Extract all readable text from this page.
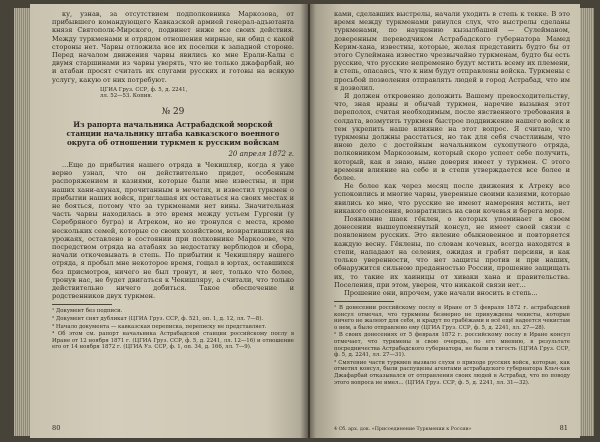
ку, узнав, за отсутствием подполковника Маркозова, от прибывшего командующего Кавказской армией генерал-адъютанта князя Святополк-Мирского, подвинет ниже все своих действия. Между туркменами и отрядом отношения мирные, ни обид с какой стороны нет. Чарвы отложила все их поселки к западной стороне. Перед началом движения чарвы явились ко мне Ерали-Калы с двумя старшинами из чарвы уверять, что не только джафарбай, но и атабаи просят считать их слугами русских и готовы на всякую услугу, какую от них потребуют.

ЦГИА Груз. ССР, ф. 5, д. 2241,

лл. 52—53. Копия.

№ 29
Из рапорта начальника Астрабадской морской станции начальнику штаба кавказского военного округа об отношении туркмен к русским войскам
20 апреля 1872 г.

...Еще до прибытия нашего отряда в Чекишляр, когда я уже верно узнал, что он действительно придет, особенным распоряжением и казиями, которые были мне известны, и при наших хани-ахунах, прочитанным в мечетях, и известил туркмен о прибытии наших войск, приглашая их оставаться на своих местах и не бояться, потому что за туркменами нет вины. Значительная часть чарвы находилась в это время между устьем Гургени (у Серебряного бугра) и Атреком, но не тронулся с места, кроме нескольких семей, которые со своих хозяйством, возвратившихся на урожаях, оставлено в состоянии при полковнике Маркозове, что посредством отряда на атабаях за недостатку верблюдов и сбора, начали откочевывать в степь. По прибытии к Чекишляру нашего отряда, я пробыл мне некоторое время, гощал в юртах, оставшихся без присмотров, ничего не был тронут, и нет, только что более, тронув нас, не будет двигаться к Чекишляру, а считали, что только действительно ничего добиться. Такое обеспечение и родственников двух туркмен.

¹ Документ без подписи.

² Документ снят дубликат (ЦГИА Груз. ССР, ф. 521, оп. 1, д. 12, лл. 7—8).

³ Начало документа — кавказская переписка, переписку не представляет.

⁴ Об этом см. рапорт начальника Астрабадской станции российскому послу в Иране от 12 ноября 1871 г. (ЦГИА Груз. ССР, ф. 5, д. 2241, лл. 12—16) и отношение его от 14 ноября 1872 г. (ЦГИА Уз. ССР, ф. 1, оп. 34, д. 166, лл. 7—9).

80

ками, сделавших выстрелы, начали уходить в степь к текке. В это время между туркменами ринулся слух, что выстрелы сделаны туркменами, по наущению кызылбашей — Сулейманом, доверенным переводчиком Астрабадского губернатора Мамед Керим-хана, известны, которые, желая представить будто бы от этого Сулеймана известно чрезвычайно туркменам, будто бы есть русские, что русские непременно будут мстить всему их племени, в степь, опасаясь, что к ним будут отправлены войска. Туркмены с просьбой позволения отправлять людей в город Астрабад, что им я дозволил.

Я должен откровенно доложить Вашему превосходительству, что, зная нравы и обычай туркмен, наречие вызывая этот переполох, считая необходимым, после явственного требования в солдата, возмутить туркмен быстрое поддвижение нашего войск и тем укрепить наше влияние на этот вопрос. Я считаю, что туркмены должны расстаться, но так для себя счастливым, что иною дело с достойным начальником сухопутного отряда, полковником Маркозовым, который скоро успеет себе получить, который, как я знаю, ныне доверия имеет у туркмен. С этого времени влияние на себе и в степи утверждается все более и более.

Не более как через месяц после движения к Атреку все успокоились и многие чарвы, уверенные своими казиями, которые явились ко мне, что русские не имеют намерения мстить, нет никакого опасения, возвратились на свои кочевья и берега моря.

Появление шаек гёклен, о которых упоминает в своем донесении вышеупомянутый консул, не имеет своей связи с появлением русских. Это явление обыкновенное и повторяется каждую весну. Гёклены, по словам кочевых, всегда находятся в степи, нападают на селения, ожидая и грабят персиян, и как только уверенности, что нет защиты против и при наших, обнаружится сильною преданностью России, прошение защищать их, то такие их хаиницы от хиваки хана и правительства. Поселения, при этом, уверен, что никакой связи нет...

Прошение они, впрочем, уже начали вносить в степь...

¹ В донесении российскому послу в Иране от 5 февраля 1872 г. астрабадский консул отмечал, что туркмены безмерно не принуждены чекисты, которые ничего не жалеют для себя, и крадут по грабёжами и всё ещё надеется чекистам о нем, а было отправлено ему (ЦГИА Груз. ССР, ф. 5, д. 2241, лл. 27—28).

² В своих донесениях от 5 февраля 1872 г. российскому послу в Иране консул отмечает, что туркмены в свою очередь, по его мнению, в результате посредничества Астрабадского губернатора, не были в тягость (ЦГИА Груз. ССР, ф. 5, д. 2241, лл. 27—31).

³ Смятение части туркмен вызвало слухи о приходе русских войск, которые, как отметил консул, были распущены агентами астрабадского губернатора Кльч-хан Джафарбай отказывался от отправления своих людей в Астрабад, что по поводу этого вопроса не имел... (ЦГИА Груз. ССР, ф. 5, д. 2241, лл. 31—32).

4 Сб. арх. док. «Присоединение Туркмении к России»	81
